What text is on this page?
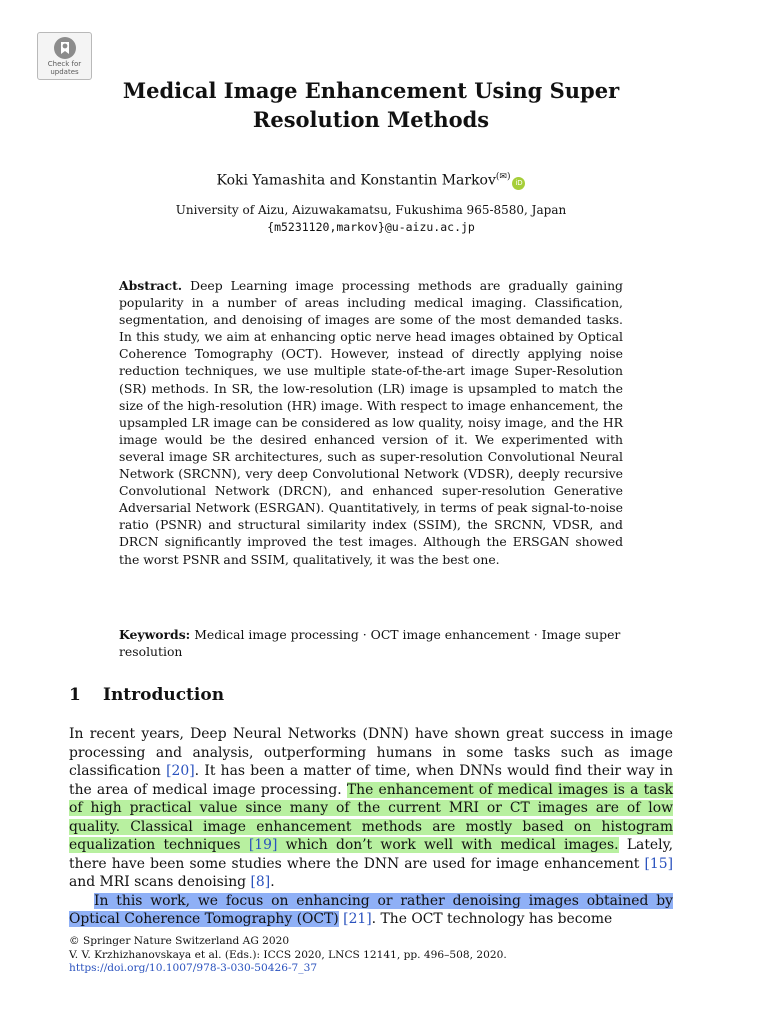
Check for
updates
Medical Image Enhancement Using Super
Resolution Methods
Koki Yamashita and Konstantin Markov(✉)iD
University of Aizu, Aizuwakamatsu, Fukushima 965-8580, Japan
{m5231120,markov}@u-aizu.ac.jp

Abstract. Deep Learning image processing methods are gradually gaining popularity in a number of areas including medical imaging. Classification, segmentation, and denoising of images are some of the most demanded tasks. In this study, we aim at enhancing optic nerve head images obtained by Optical Coherence Tomography (OCT). However, instead of directly applying noise reduction techniques, we use multiple state-of-the-art image Super-Resolution (SR) methods. In SR, the low-resolution (LR) image is upsampled to match the size of the high-resolution (HR) image. With respect to image enhancement, the upsampled LR image can be considered as low quality, noisy image, and the HR image would be the desired enhanced version of it. We experimented with several image SR architectures, such as super-resolution Convolutional Neural Network (SRCNN), very deep Convolutional Network (VDSR), deeply recursive Convolutional Network (DRCN), and enhanced super-resolution Generative Adversarial Network (ESRGAN). Quantitatively, in terms of peak signal-to-noise ratio (PSNR) and structural similarity index (SSIM), the SRCNN, VDSR, and DRCN significantly improved the test images. Although the ERSGAN showed the worst PSNR and SSIM, qualitatively, it was the best one.

Keywords: Medical image processing · OCT image enhancement · Image super resolution

1 Introduction

In recent years, Deep Neural Networks (DNN) have shown great success in image processing and analysis, outperforming humans in some tasks such as image classification [20]. It has been a matter of time, when DNNs would find their way in the area of medical image processing. The enhancement of medical images is a task of high practical value since many of the current MRI or CT images are of low quality. Classical image enhancement methods are mostly based on histogram equalization techniques [19] which don’t work well with medical images. Lately, there have been some studies where the DNN are used for image enhancement [15] and MRI scans denoising [8].

In this work, we focus on enhancing or rather denoising images obtained by Optical Coherence Tomography (OCT) [21]. The OCT technology has become

© Springer Nature Switzerland AG 2020
V. V. Krzhizhanovskaya et al. (Eds.): ICCS 2020, LNCS 12141, pp. 496–508, 2020.
https://doi.org/10.1007/978-3-030-50426-7_37
